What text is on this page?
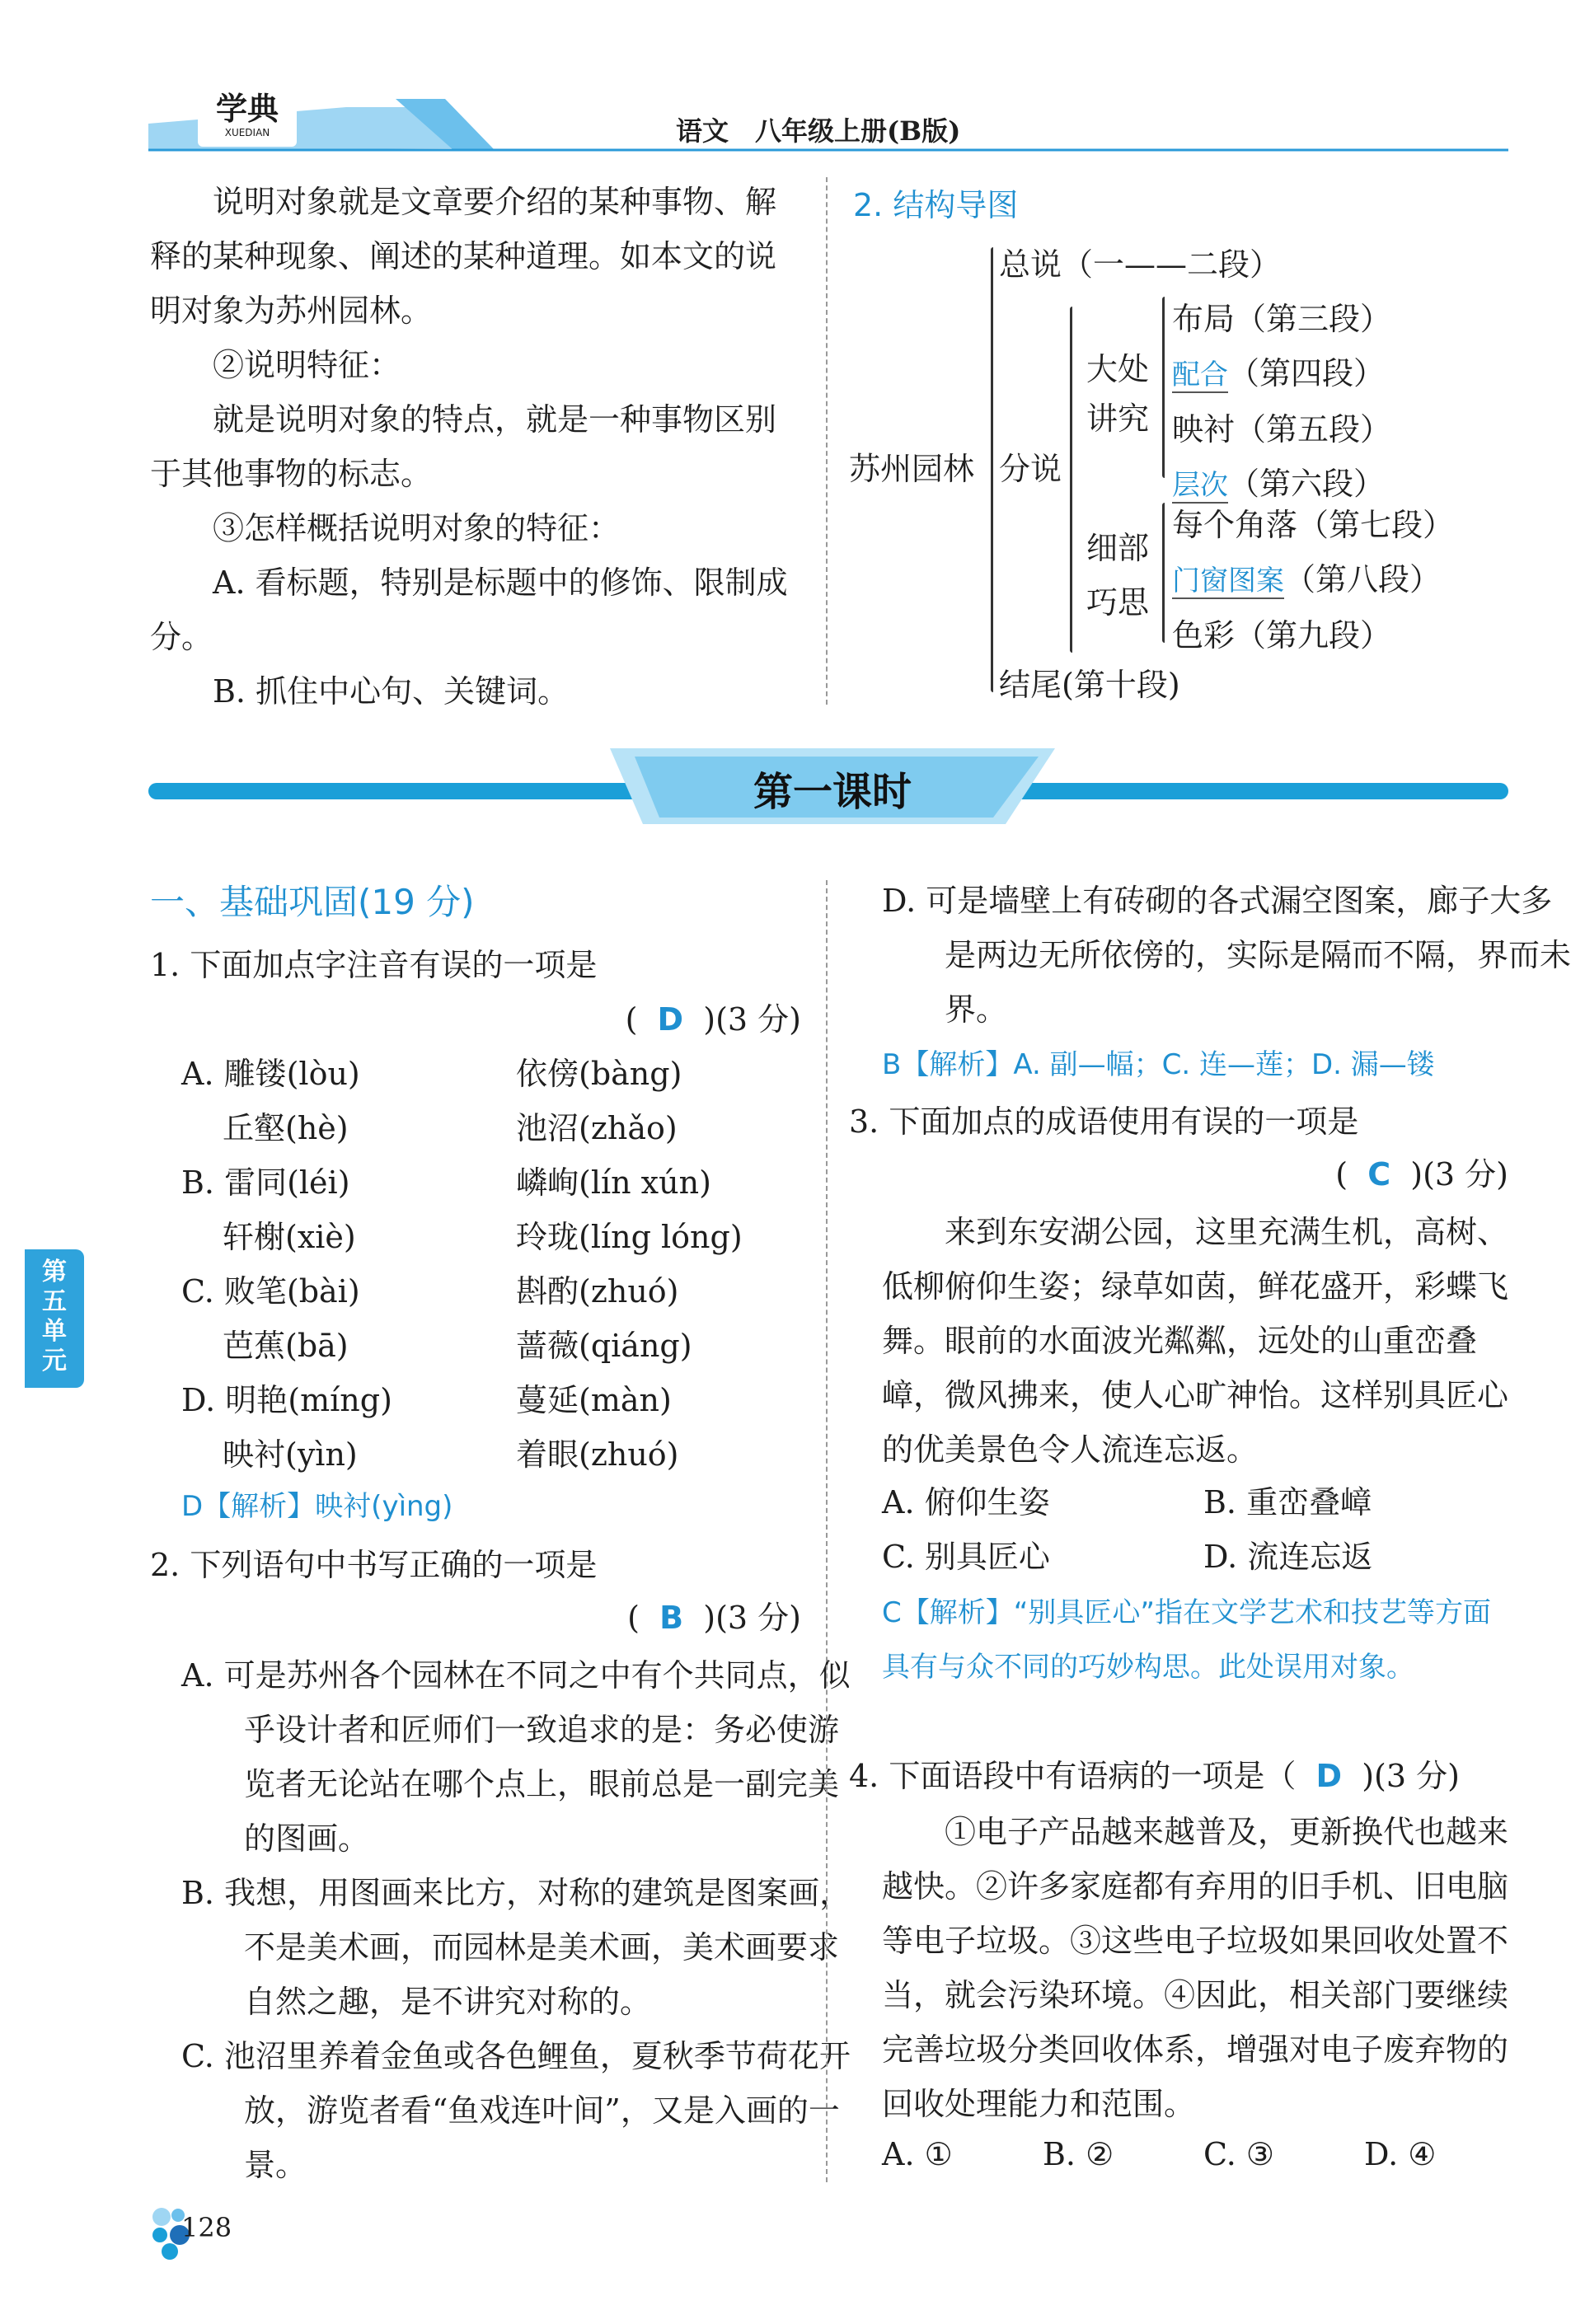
学典
XUEDIAN	语文　八年级上册(B版)
说明对象就是文章要介绍的某种事物、解释的某种现象、阐述的某种道理。如本文的说明对象为苏州园林。
②说明特征：
就是说明对象的特点，就是一种事物区别于其他事物的标志。
③怎样概括说明对象的特征：
A. 看标题，特别是标题中的修饰、限制成分。
B. 抓住中心句、关键词。
2. 结构导图
苏州园林
总说（一——二段）
分说
结尾(第十段)
大处讲究
布局（第三段）
配合（第四段）
映衬（第五段）
层次（第六段）
细部巧思
每个角落（第七段）
门窗图案（第八段）
色彩（第九段）
第一课时
一、基础巩固(19 分)
1. 下面加点字注音有误的一项是
(  D )(3 分)
A. 雕镂(lòu)	依傍(bàng)
丘壑(hè)	池沼(zhǎo)
B. 雷同(léi)	嶙峋(lín xún)
轩榭(xiè)	玲珑(líng lóng)
C. 败笔(bài)	斟酌(zhuó)
芭蕉(bā)	蔷薇(qiáng)
D. 明艳(míng)	蔓延(màn)
映衬(yìn)	着眼(zhuó)
D【解析】映衬(yìng)
2. 下列语句中书写正确的一项是
(  B )(3 分)
A. 可是苏州各个园林在不同之中有个共同点，似乎设计者和匠师们一致追求的是：务必使游览者无论站在哪个点上，眼前总是一副完美的图画。
B. 我想，用图画来比方，对称的建筑是图案画，不是美术画，而园林是美术画，美术画要求自然之趣，是不讲究对称的。
C. 池沼里养着金鱼或各色鲤鱼，夏秋季节荷花开放，游览者看“鱼戏连叶间”，又是入画的一景。
D. 可是墙壁上有砖砌的各式漏空图案，廊子大多是两边无所依傍的，实际是隔而不隔，界而未界。
B【解析】A. 副—幅；C. 连—莲；D. 漏—镂
3. 下面加点的成语使用有误的一项是
(  C )(3 分)
来到东安湖公园，这里充满生机，高树、低柳俯仰生姿；绿草如茵，鲜花盛开，彩蝶飞舞。眼前的水面波光粼粼，远处的山重峦叠嶂，微风拂来，使人心旷神怡。这样别具匠心的优美景色令人流连忘返。
A. 俯仰生姿	B. 重峦叠嶂
C. 别具匠心	D. 流连忘返
C【解析】“别具匠心”指在文学艺术和技艺等方面具有与众不同的巧妙构思。此处误用对象。
4. 下面语段中有语病的一项是（ D )(3 分)
①电子产品越来越普及，更新换代也越来越快。②许多家庭都有弃用的旧手机、旧电脑等电子垃圾。③这些电子垃圾如果回收处置不当，就会污染环境。④因此，相关部门要继续完善垃圾分类回收体系，增强对电子废弃物的回收处理能力和范围。
A. ①	B. ②	C. ③	D. ④
第五单元
128
